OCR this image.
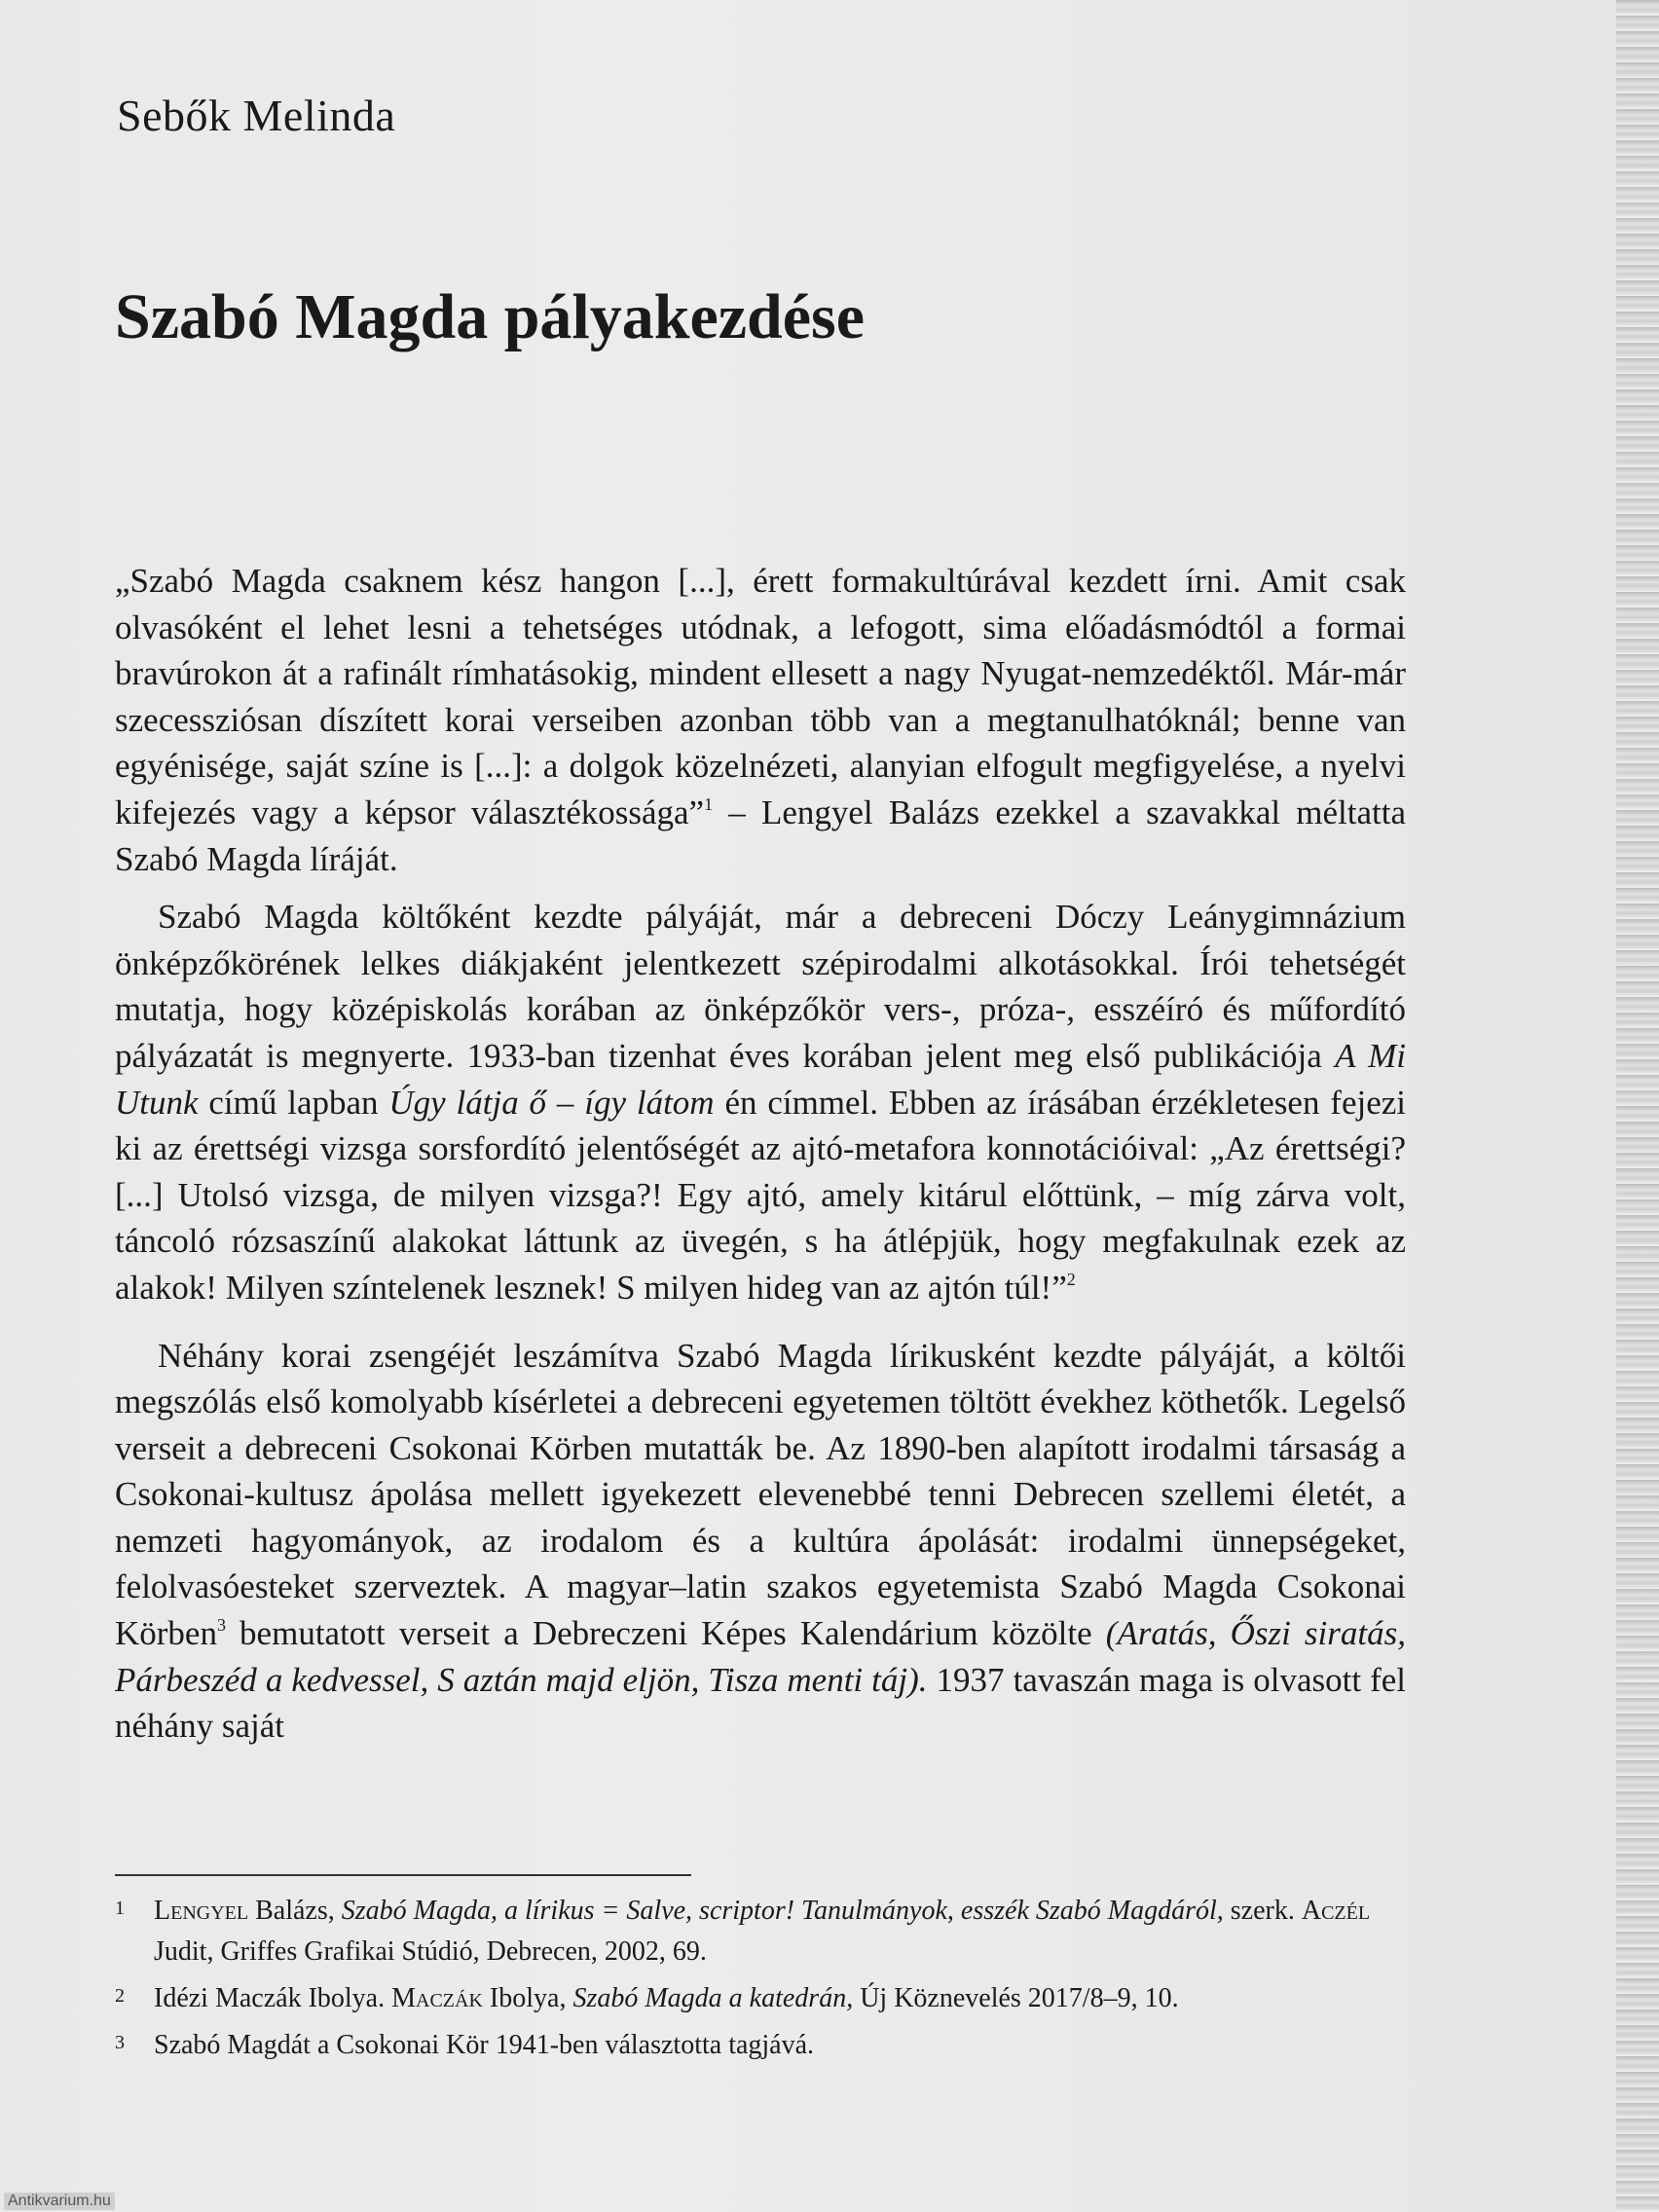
Sebők Melinda
Szabó Magda pályakezdése

„Szabó Magda csaknem kész hangon [...], érett formakultúrával kezdett írni. Amit csak olvasóként el lehet lesni a tehetséges utódnak, a lefogott, sima előadásmódtól a formai bravúrokon át a rafinált rímhatásokig, mindent ellesett a nagy Nyugat-nemzedéktől. Már-már szecessziósan díszített korai verseiben azonban több van a megtanulhatóknál; benne van egyénisége, saját színe is [...]: a dolgok közelnézeti, alanyian elfogult megfigyelése, a nyelvi kifejezés vagy a képsor választékossága”$^1$ – Lengyel Balázs ezekkel a szavakkal méltatta Szabó Magda líráját.

Szabó Magda költőként kezdte pályáját, már a debreceni Dóczy Leánygimnázium önképzőkörének lelkes diákjaként jelentkezett szépirodalmi alkotásokkal. Írói tehetségét mutatja, hogy középiskolás korában az önképzőkör vers-, próza-, esszéíró és műfordító pályázatát is megnyerte. 1933-ban tizenhat éves korában jelent meg első publikációja A Mi Utunk című lapban Úgy látja ő – így látom én címmel. Ebben az írásában érzékletesen fejezi ki az érettségi vizsga sorsfordító jelentőségét az ajtó-metafora konnotációival: „Az érettségi? [...] Utolsó vizsga, de milyen vizsga?! Egy ajtó, amely kitárul előttünk, – míg zárva volt, táncoló rózsaszínű alakokat láttunk az üvegén, s ha átlépjük, hogy megfakulnak ezek az alakok! Milyen színtelenek lesznek! S milyen hideg van az ajtón túl!”$^2$

Néhány korai zsengéjét leszámítva Szabó Magda lírikusként kezdte pályáját, a költői megszólás első komolyabb kísérletei a debreceni egyetemen töltött évekhez köthetők. Legelső verseit a debreceni Csokonai Körben mutatták be. Az 1890-ben alapított irodalmi társaság a Csokonai-kultusz ápolása mellett igyekezett elevenebbé tenni Debrecen szellemi életét, a nemzeti hagyományok, az irodalom és a kultúra ápolását: irodalmi ünnepségeket, felolvasóesteket szerveztek. A magyar–latin szakos egyetemista Szabó Magda Csokonai Körben$^3$ bemutatott verseit a Debreczeni Képes Kalendárium közölte (Aratás, Őszi siratás, Párbeszéd a kedvessel, S aztán majd eljön, Tisza menti táj). 1937 tavaszán maga is olvasott fel néhány saját

1	Lengyel Balázs, Szabó Magda, a lírikus = Salve, scriptor! Tanulmányok, esszék Szabó Magdáról, szerk. Aczél Judit, Griffes Grafikai Stúdió, Debrecen, 2002, 69.
2	Idézi Maczák Ibolya. Maczák Ibolya, Szabó Magda a katedrán, Új Köznevelés 2017/8–9, 10.
3	Szabó Magdát a Csokonai Kör 1941-ben választotta tagjává.
Antikvarium.hu
